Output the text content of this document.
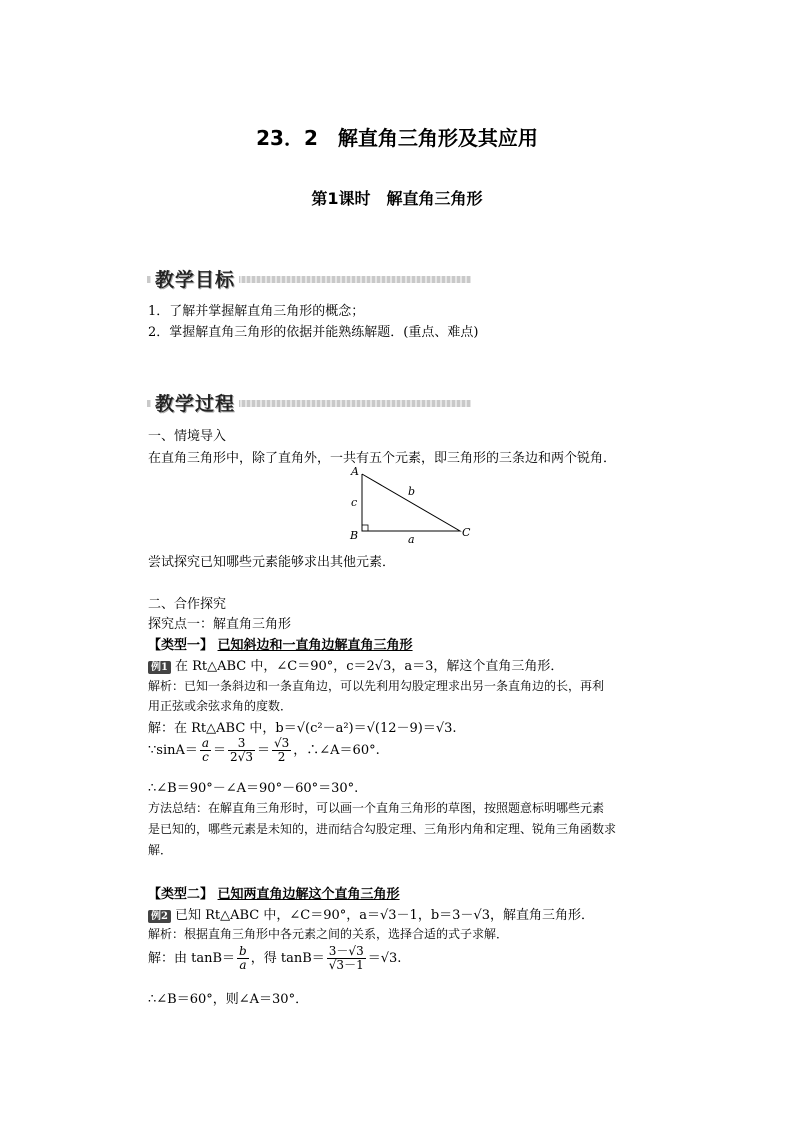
23．2　解直角三角形及其应用
第1课时　解直角三角形
教学目标
1．了解并掌握解直角三角形的概念；
2．掌握解直角三角形的依据并能熟练解题．(重点、难点)
教学过程
一、情境导入
在直角三角形中，除了直角外，一共有五个元素，即三角形的三条边和两个锐角．
A
B	C
c
b
a
尝试探究已知哪些元素能够求出其他元素．
二、合作探究
探究点一：解直角三角形
【类型一】 已知斜边和一直角边解直角三角形
例1 在 Rt△ABC 中，∠C＝90°，c＝2√3，a＝3，解这个直角三角形．
解析：已知一条斜边和一条直角边，可以先利用勾股定理求出另一条直角边的长，再利
用正弦或余弦求角的度数．
解：在 Rt△ABC 中，b＝√(c²－a²)＝√(12－9)＝√3.
∵sinA＝ $\frac{a}{c} = \frac{3}{2√3} = \frac{√3}{2}$ ，∴∠A＝60°.
∴∠B＝90°－∠A＝90°－60°＝30°.
方法总结：在解直角三角形时，可以画一个直角三角形的草图，按照题意标明哪些元素
是已知的，哪些元素是未知的，进而结合勾股定理、三角形内角和定理、锐角三角函数求
解．
【类型二】 已知两直角边解这个直角三角形
例2 已知 Rt△ABC 中，∠C＝90°，a＝√3－1，b＝3－√3，解直角三角形．
解析：根据直角三角形中各元素之间的关系，选择合适的式子求解．
解：由 $\tan B= \frac{b}{a}$ ，得 $\tan B= \frac{3-√3}{√3-1} =√3$.
∴∠B＝60°，则∠A＝30°．
